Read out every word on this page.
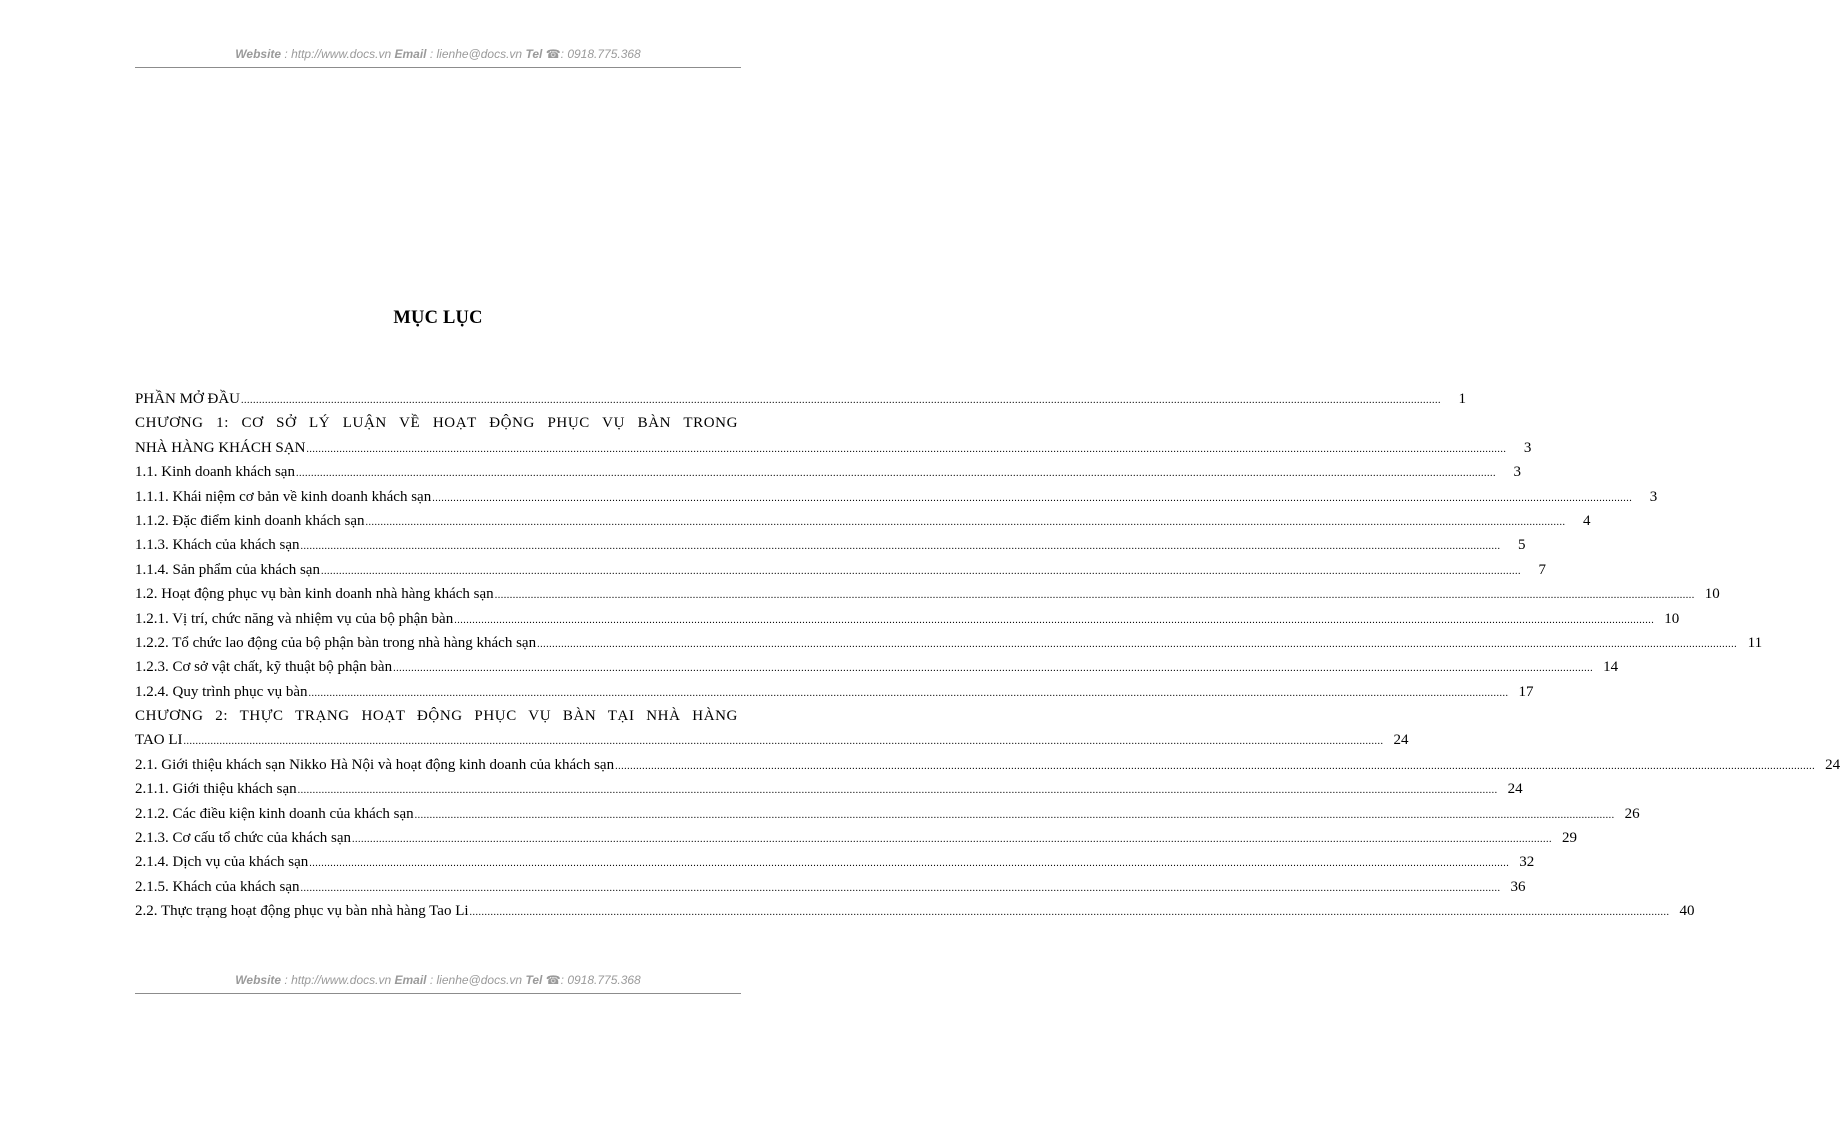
Website : http://www.docs.vn Email : lienhe@docs.vn Tel ☎: 0918.775.368
MỤC LỤC
PHẦN MỞ ĐẦU ................................................................................................................................................................................................................................................................................................................................................................................................................	1
CHƯƠNG 1: CƠ SỞ LÝ LUẬN VỀ HOẠT ĐỘNG PHỤC VỤ BÀN TRONG
NHÀ HÀNG KHÁCH SẠN ................................................................................................................................................................................................................................................................................................................................................................................................................	3
1.1. Kinh doanh khách sạn ................................................................................................................................................................................................................................................................................................................................................................................................................	3
1.1.1. Khái niệm cơ bản về kinh doanh khách sạn ................................................................................................................................................................................................................................................................................................................................................................................................................	3
1.1.2. Đặc điểm kinh doanh khách sạn ................................................................................................................................................................................................................................................................................................................................................................................................................	4
1.1.3. Khách của khách sạn ................................................................................................................................................................................................................................................................................................................................................................................................................	5
1.1.4. Sản phẩm của khách sạn ................................................................................................................................................................................................................................................................................................................................................................................................................	7
1.2. Hoạt động phục vụ bàn kinh doanh nhà hàng khách sạn ................................................................................................................................................................................................................................................................................................................................................................................................................ 10
1.2.1. Vị trí, chức năng và nhiệm vụ của bộ phận bàn ................................................................................................................................................................................................................................................................................................................................................................................................................ 10
1.2.2. Tổ chức lao động của bộ phận bàn trong nhà hàng khách sạn ................................................................................................................................................................................................................................................................................................................................................................................................................ 11
1.2.3. Cơ sở vật chất, kỹ thuật bộ phận bàn ................................................................................................................................................................................................................................................................................................................................................................................................................ 14
1.2.4. Quy trình phục vụ bàn ................................................................................................................................................................................................................................................................................................................................................................................................................ 17
CHƯƠNG 2: THỰC TRẠNG HOẠT ĐỘNG PHỤC VỤ BÀN TẠI NHÀ HÀNG
TAO LI ................................................................................................................................................................................................................................................................................................................................................................................................................ 24
2.1. Giới thiệu khách sạn Nikko Hà Nội và hoạt động kinh doanh của khách sạn ................................................................................................................................................................................................................................................................................................................................................................................................................ 24
2.1.1. Giới thiệu khách sạn ................................................................................................................................................................................................................................................................................................................................................................................................................ 24
2.1.2. Các điều kiện kinh doanh của khách sạn ................................................................................................................................................................................................................................................................................................................................................................................................................ 26
2.1.3. Cơ cấu tổ chức của khách sạn ................................................................................................................................................................................................................................................................................................................................................................................................................ 29
2.1.4. Dịch vụ của khách sạn ................................................................................................................................................................................................................................................................................................................................................................................................................ 32
2.1.5. Khách của khách sạn ................................................................................................................................................................................................................................................................................................................................................................................................................ 36
2.2. Thực trạng hoạt động phục vụ bàn nhà hàng Tao Li ................................................................................................................................................................................................................................................................................................................................................................................................................ 40
Website : http://www.docs.vn Email : lienhe@docs.vn Tel ☎: 0918.775.368
